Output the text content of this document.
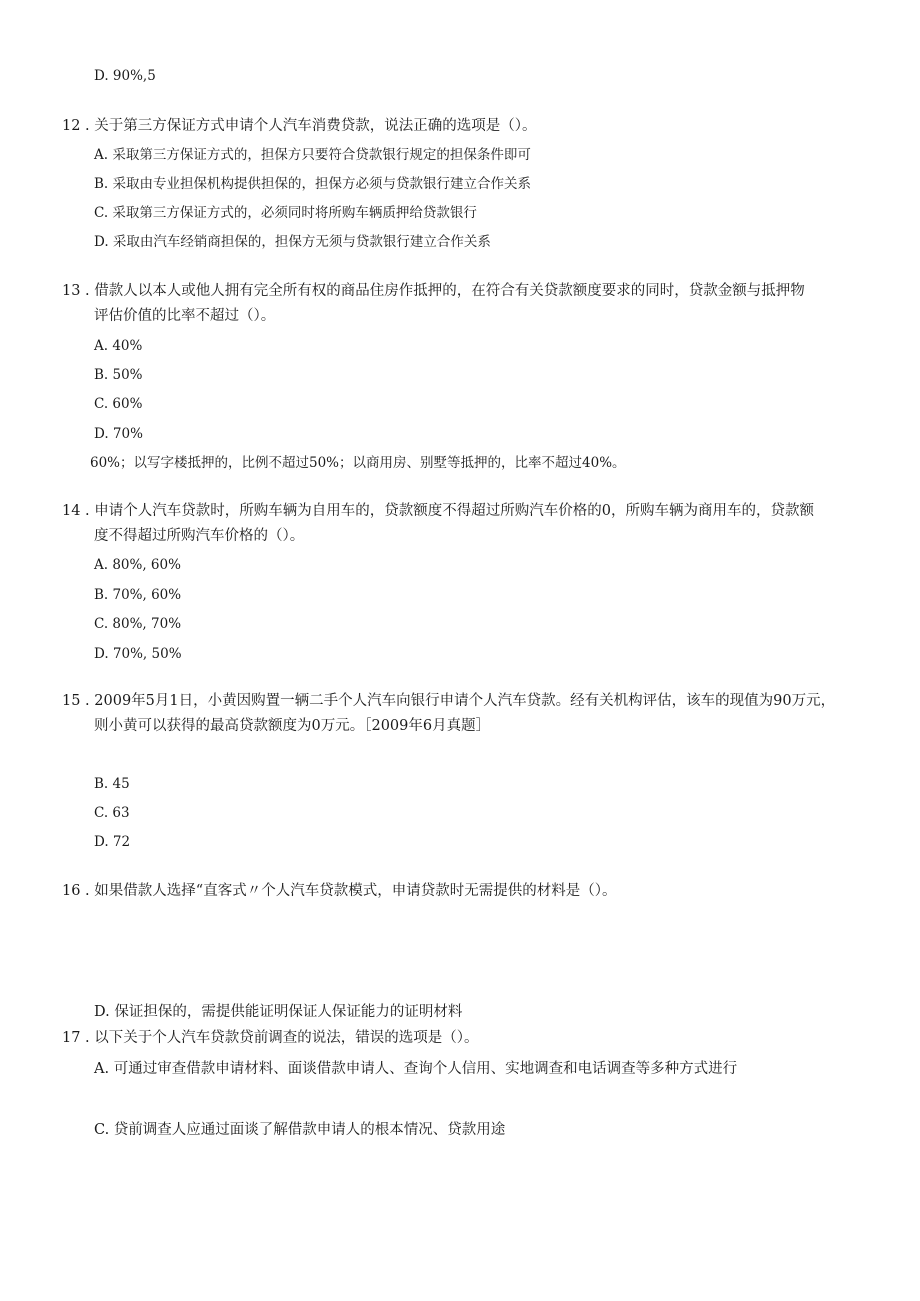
D. 90%,5
12 . 关于第三方保证方式申请个人汽车消费贷款，说法正确的选项是（）。
A. 采取第三方保证方式的，担保方只要符合贷款银行规定的担保条件即可
B. 采取由专业担保机构提供担保的，担保方必须与贷款银行建立合作关系
C. 采取第三方保证方式的，必须同时将所购车辆质押给贷款银行
D. 采取由汽车经销商担保的，担保方无须与贷款银行建立合作关系
13 . 借款人以本人或他人拥有完全所有权的商品住房作抵押的，在符合有关贷款额度要求的同时，贷款金额与抵押物
评估价值的比率不超过（）。
A. 40%
B. 50%
C. 60%
D. 70%
60%；以写字楼抵押的，比例不超过50%；以商用房、别墅等抵押的，比率不超过40%。
14 . 申请个人汽车贷款时，所购车辆为自用车的，贷款额度不得超过所购汽车价格的0，所购车辆为商用车的，贷款额
度不得超过所购汽车价格的（）。
A. 80%, 60%
B. 70%, 60%
C. 80%, 70%
D. 70%, 50%
15 . 2009年5月1日，小黄因购置一辆二手个人汽车向银行申请个人汽车贷款。经有关机构评估，该车的现值为90万元，
则小黄可以获得的最高贷款额度为0万元。［2009年6月真题］
B. 45
C. 63
D. 72
16 . 如果借款人选择“直客式〃个人汽车贷款模式，申请贷款时无需提供的材料是（）。
D. 保证担保的，需提供能证明保证人保证能力的证明材料
17 . 以下关于个人汽车贷款贷前调查的说法，错误的选项是（）。
A. 可通过审查借款申请材料、面谈借款申请人、查询个人信用、实地调查和电话调查等多种方式进行
C. 贷前调查人应通过面谈了解借款申请人的根本情况、贷款用途
